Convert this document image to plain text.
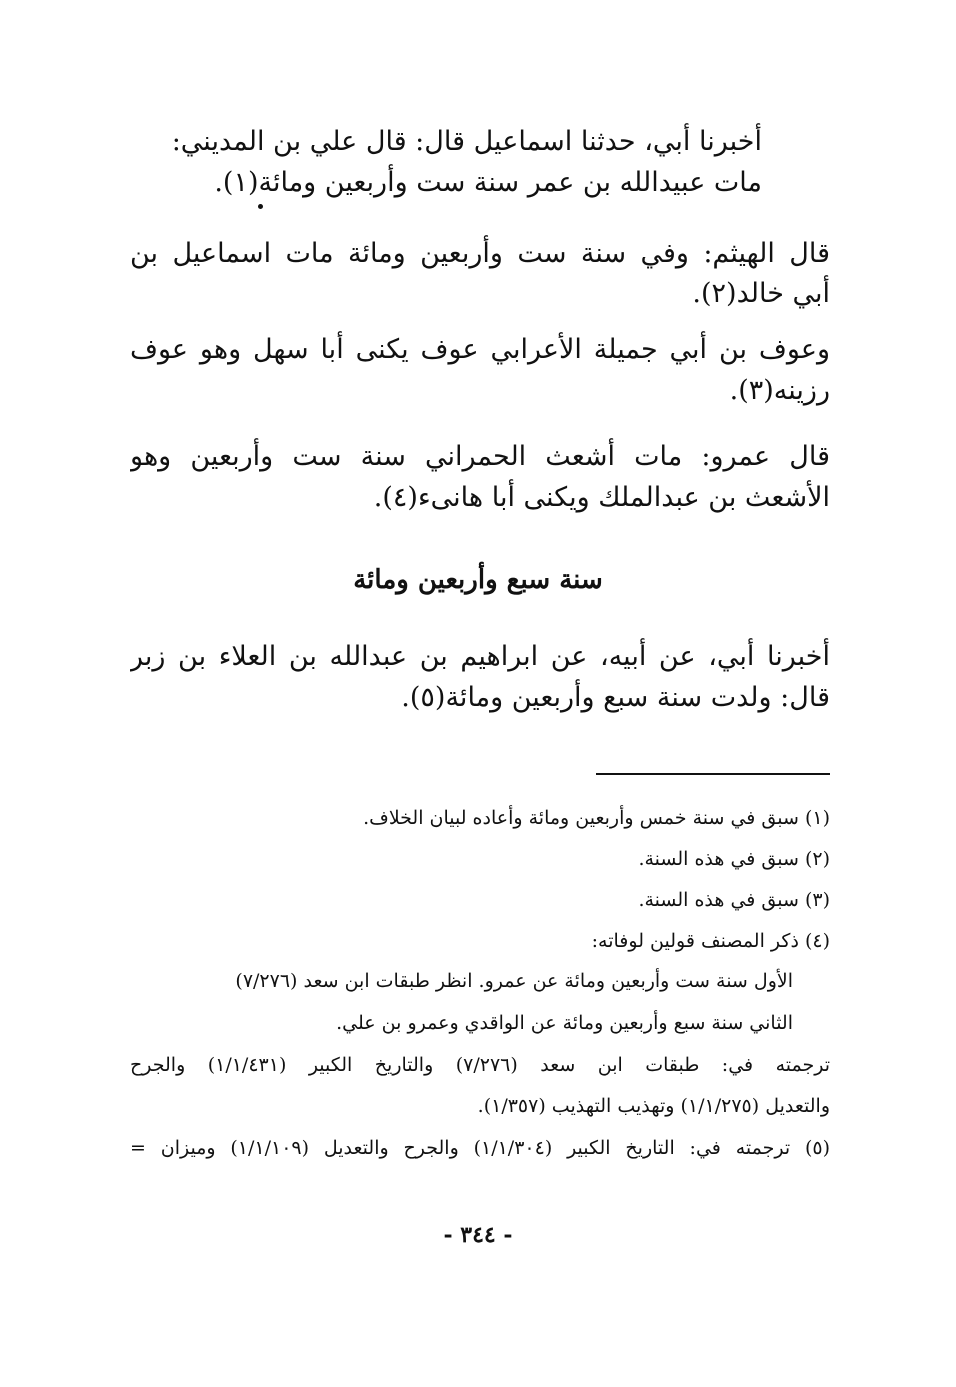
أخبرنا أبي، حدثنا اسماعيل قال: قال علي بن المديني:
مات عبيدالله بن عمر سنة ست وأربعين ومائة(١).
قال الهيثم: وفي سنة ست وأربعين ومائة مات اسماعيل بن
أبي خالد(٢).
وعوف بن أبي جميلة الأعرابي عوف يكنى أبا سهل وهو عوف
رزينه(٣).
قال عمرو: مات أشعث الحمراني سنة ست وأربعين وهو
الأشعث بن عبدالملك ويكنى أبا هانىء(٤).
سنة سبع وأربعين ومائة
أخبرنا أبي، عن أبيه، عن ابراهيم بن عبدالله بن العلاء بن زبر
قال: ولدت سنة سبع وأربعين ومائة(٥).
(١) سبق في سنة خمس وأربعين ومائة وأعاده لبيان الخلاف.
(٢) سبق في هذه السنة.
(٣) سبق في هذه السنة.
(٤) ذكر المصنف قولين لوفاته:
الأول سنة ست وأربعين ومائة عن عمرو. انظر طبقات ابن سعد (٧/٢٧٦)
الثاني سنة سبع وأربعين ومائة عن الواقدي وعمرو بن علي.
ترجمته في: طبقات ابن سعد (٧/٢٧٦) والتاريخ الكبير (١/١/٤٣١) والجرح
والتعديل (١/١/٢٧٥) وتهذيب التهذيب (١/٣٥٧).
(٥) ترجمته في: التاريخ الكبير (١/١/٣٠٤) والجرح والتعديل (١/١/١٠٩) وميزان =
- ٣٤٤ -
